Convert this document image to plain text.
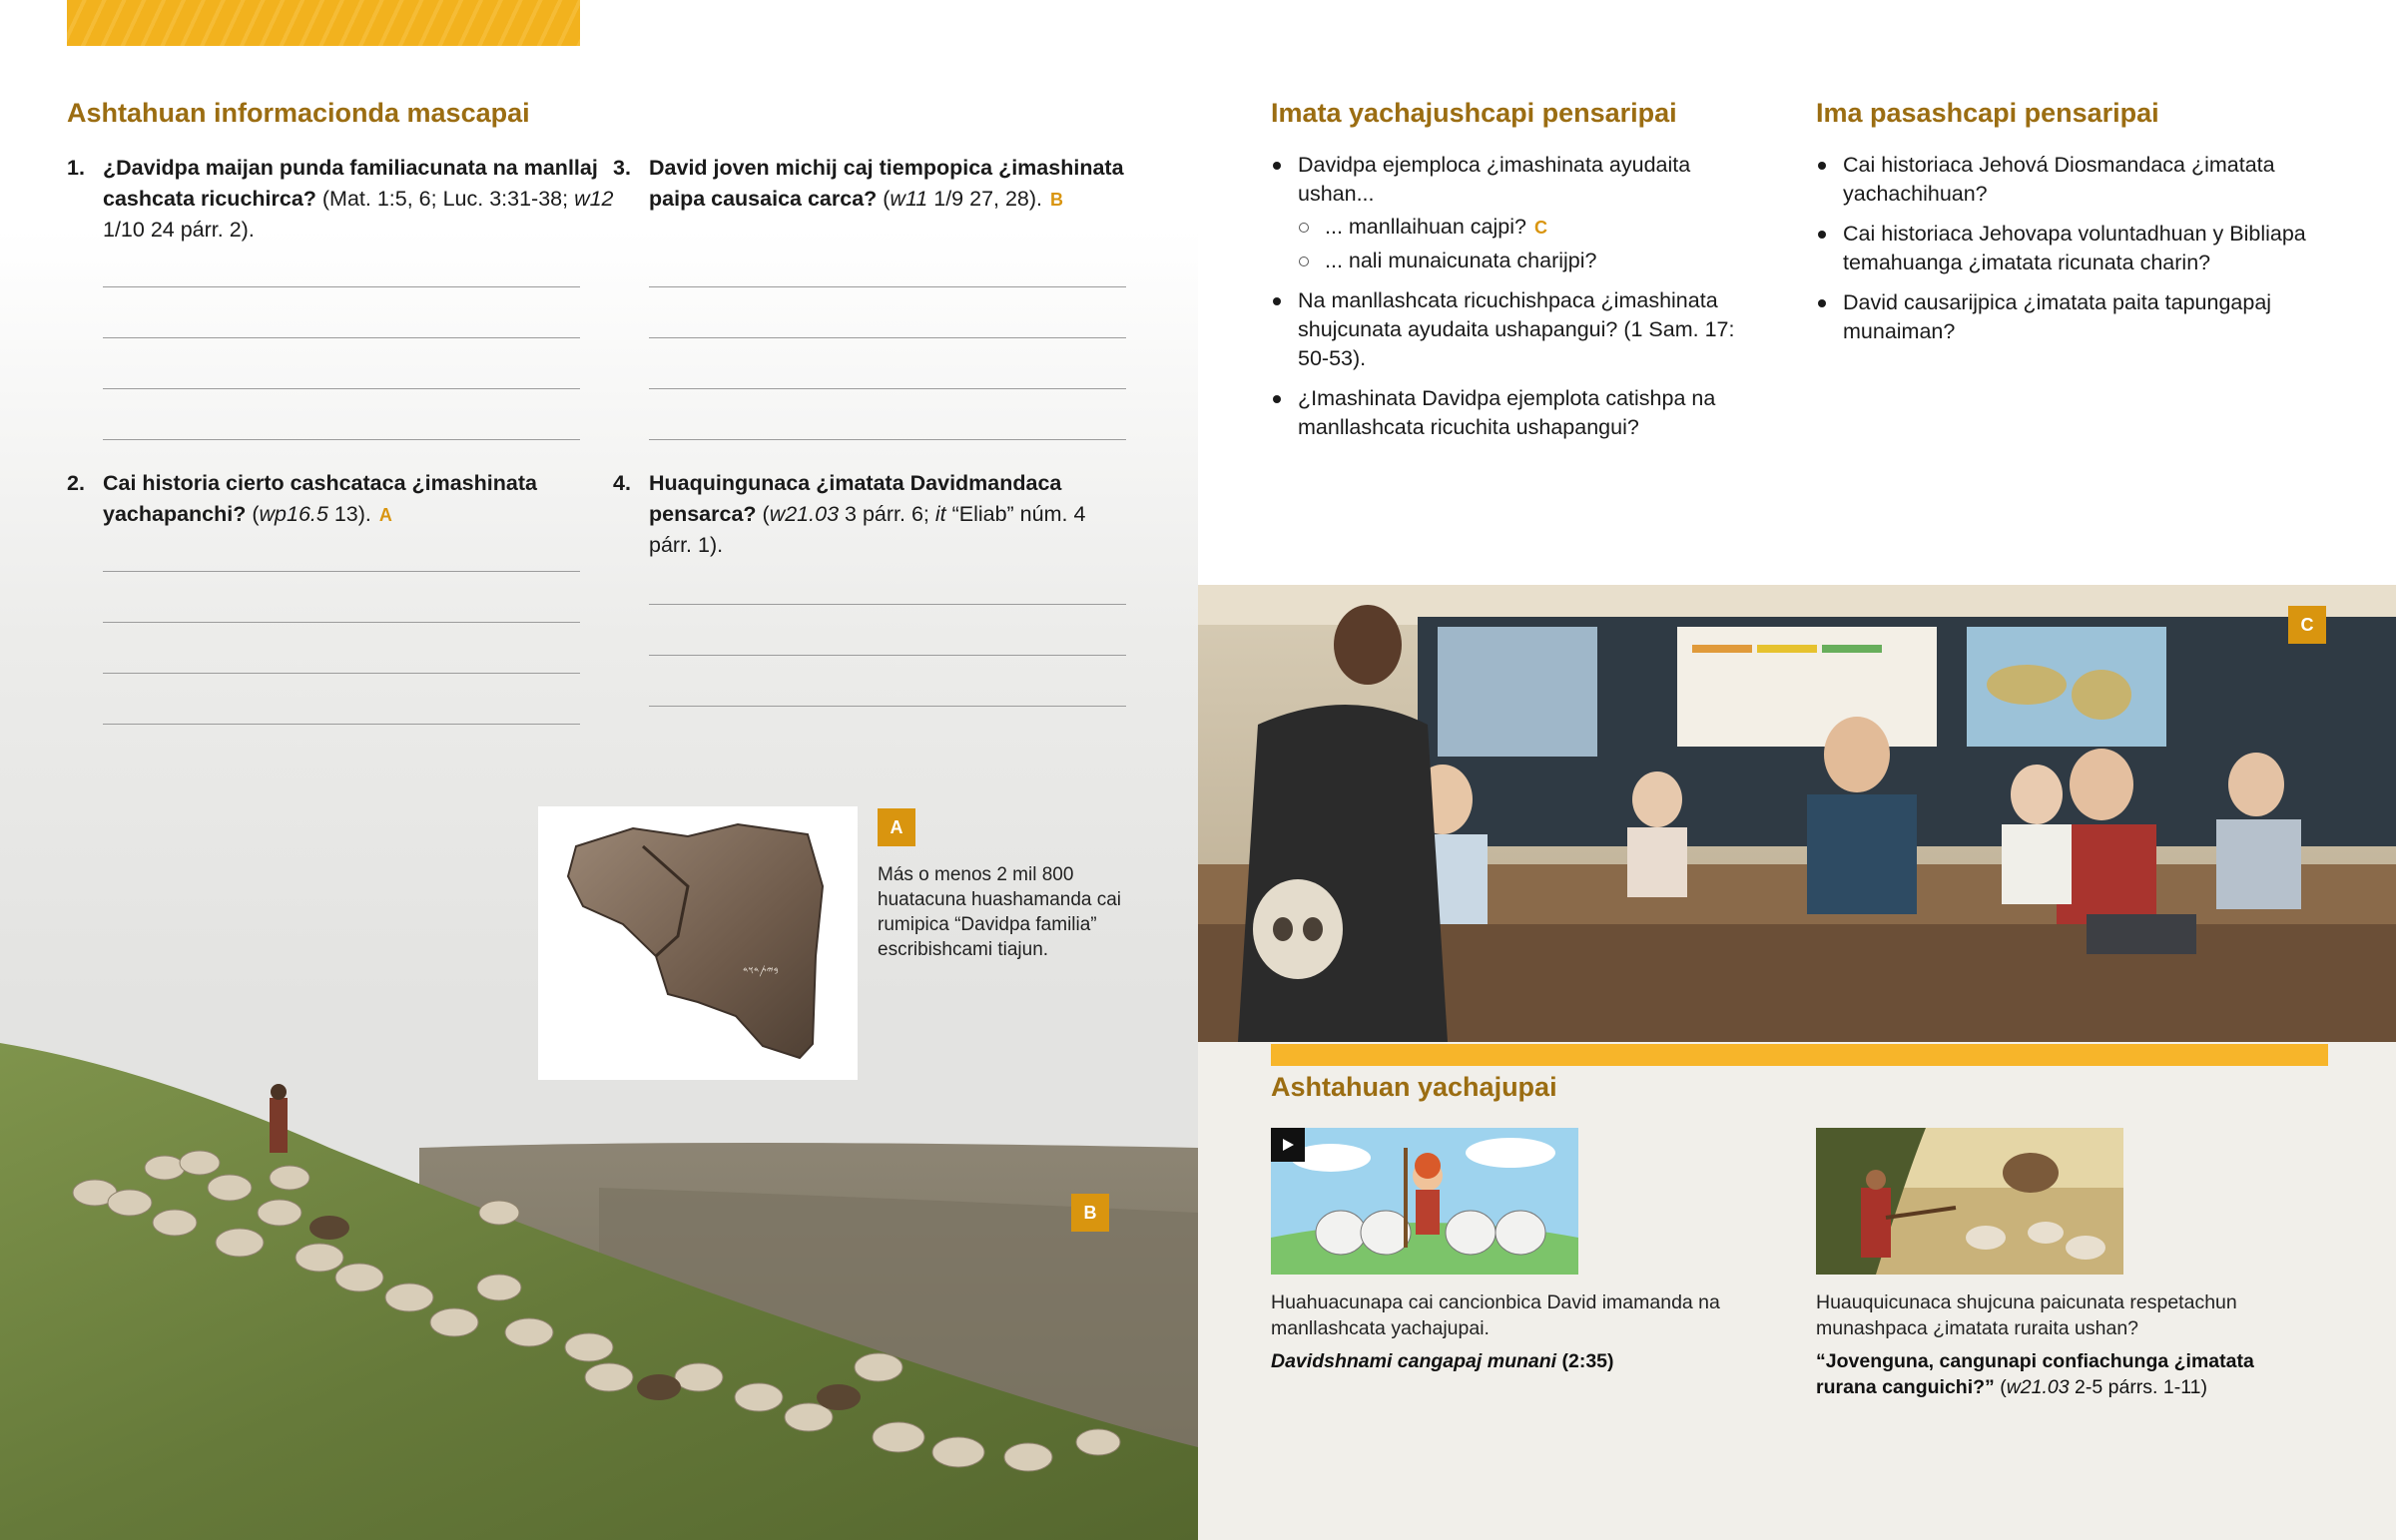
Ashtahuan informacionda mascapai
1. ¿Davidpa maijan punda familiacunata na manllaj cashcata ricuchirca? (Mat. 1:5, 6; Luc. 3:31-38; w12 1/10 24 párr. 2).
2. Cai historia cierto cashcataca ¿imashinata yachapanchi? (wp16.5 13). A
3. David joven michij caj tiempopica ¿imashinata paipa causaica carca? (w11 1/9 27, 28). B
4. Huaquingunaca ¿imatata Davidmandaca pensarca? (w21.03 3 párr. 6; it “Eliab” núm. 4 párr. 1).
B
𐤁𐤉𐤕𐤃𐤅𐤃
A

Más o menos 2 mil 800 huatacuna huashamanda cai rumipica “Davidpa familia” escribishcami tiajun.

Imata yachajushcapi pensaripai
Davidpa ejemploca ¿imashinata ayudaita ushan...
... manllaihuan cajpi? C
... nali munaicunata charijpi?
Na manllashcata ricuchishpaca ¿imashinata shujcunata ayudaita ushapangui? (1 Sam. 17: 50-53).
¿Imashinata Davidpa ejemplota catishpa na manllashcata ricuchita ushapangui?
Ima pasashcapi pensaripai
Cai historiaca Jehová Diosmandaca ¿imatata yachachihuan?
Cai historiaca Jehovapa voluntadhuan y Bibliapa temahuanga ¿imatata ricunata charin?
David causarijpica ¿imatata paita tapungapaj munaiman?
C
Ashtahuan yachajupai

Huahuacunapa cai cancionbica David imamanda na manllashcata yachajupai.

Davidshnami cangapaj munani (2:35)

Huauquicunaca shujcuna paicunata respetachun munashpaca ¿imatata ruraita ushan?

“Jovenguna, cangunapi confiachunga ¿imatata rurana canguichi?” (w21.03 2-5 párrs. 1-11)
